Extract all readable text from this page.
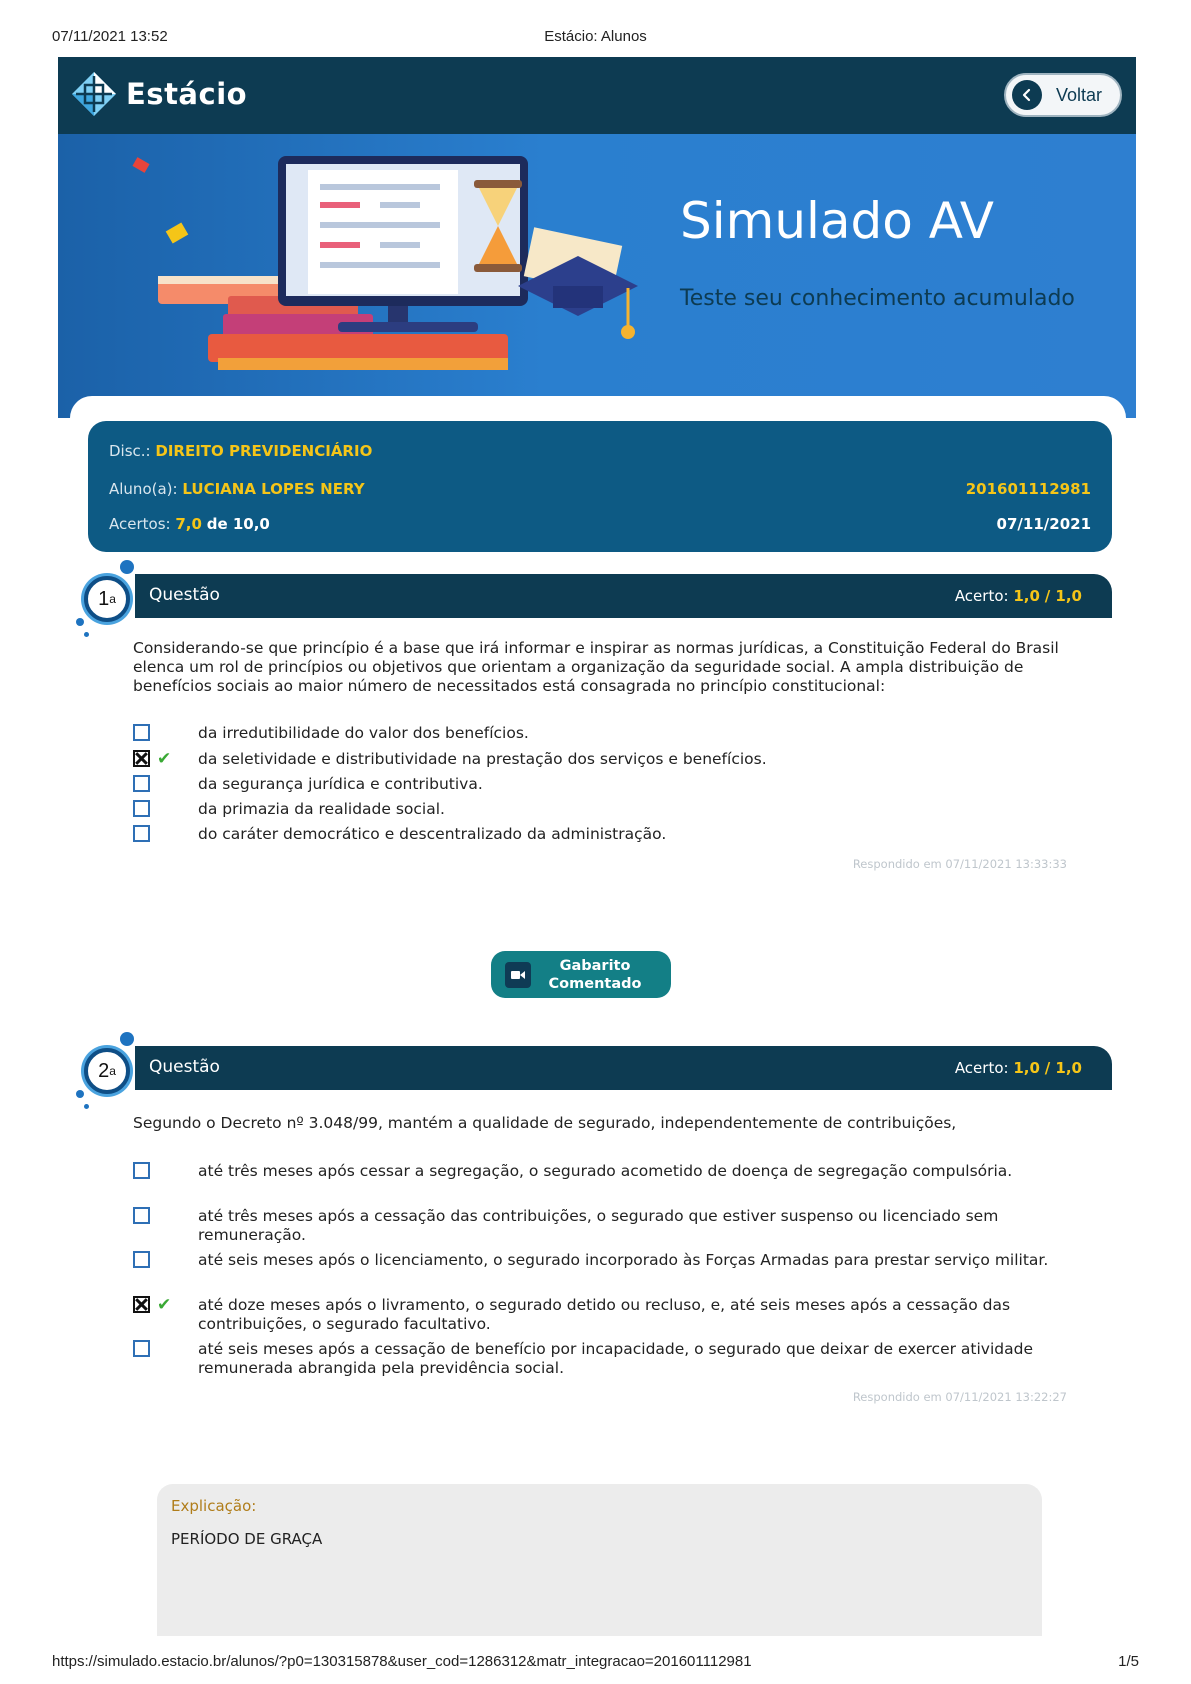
07/11/2021 13:52	Estácio: Alunos
Estácio	Voltar
Simulado AV
Teste seu conhecimento acumulado
Disc.: DIREITO PREVIDENCIÁRIO
Aluno(a): LUCIANA LOPES NERY	201601112981
Acertos: 7,0 de 10,0	07/11/2021
1 a Questão	Acerto: 1,0 / 1,0
Considerando-se que princípio é a base que irá informar e inspirar as normas jurídicas, a Constituição Federal do Brasil elenca um rol de princípios ou objetivos que orientam a organização da seguridade social. A ampla distribuição de benefícios sociais ao maior número de necessitados está consagrada no princípio constitucional:
da irredutibilidade do valor dos benefícios.
✔ da seletividade e distributividade na prestação dos serviços e benefícios.
da segurança jurídica e contributiva.
da primazia da realidade social.
do caráter democrático e descentralizado da administração.
Respondido em 07/11/2021 13:33:33
Gabarito Comentado
2 a Questão	Acerto: 1,0 / 1,0
Segundo o Decreto nº 3.048/99, mantém a qualidade de segurado, independentemente de contribuições,
até três meses após cessar a segregação, o segurado acometido de doença de segregação compulsória.
até três meses após a cessação das contribuições, o segurado que estiver suspenso ou licenciado sem remuneração.
até seis meses após o licenciamento, o segurado incorporado às Forças Armadas para prestar serviço militar.
✔ até doze meses após o livramento, o segurado detido ou recluso, e, até seis meses após a cessação das contribuições, o segurado facultativo.
até seis meses após a cessação de benefício por incapacidade, o segurado que deixar de exercer atividade remunerada abrangida pela previdência social.
Respondido em 07/11/2021 13:22:27
Explicação:
PERÍODO DE GRAÇA
https://simulado.estacio.br/alunos/?p0=130315878&user_cod=1286312&matr_integracao=201601112981	1/5
